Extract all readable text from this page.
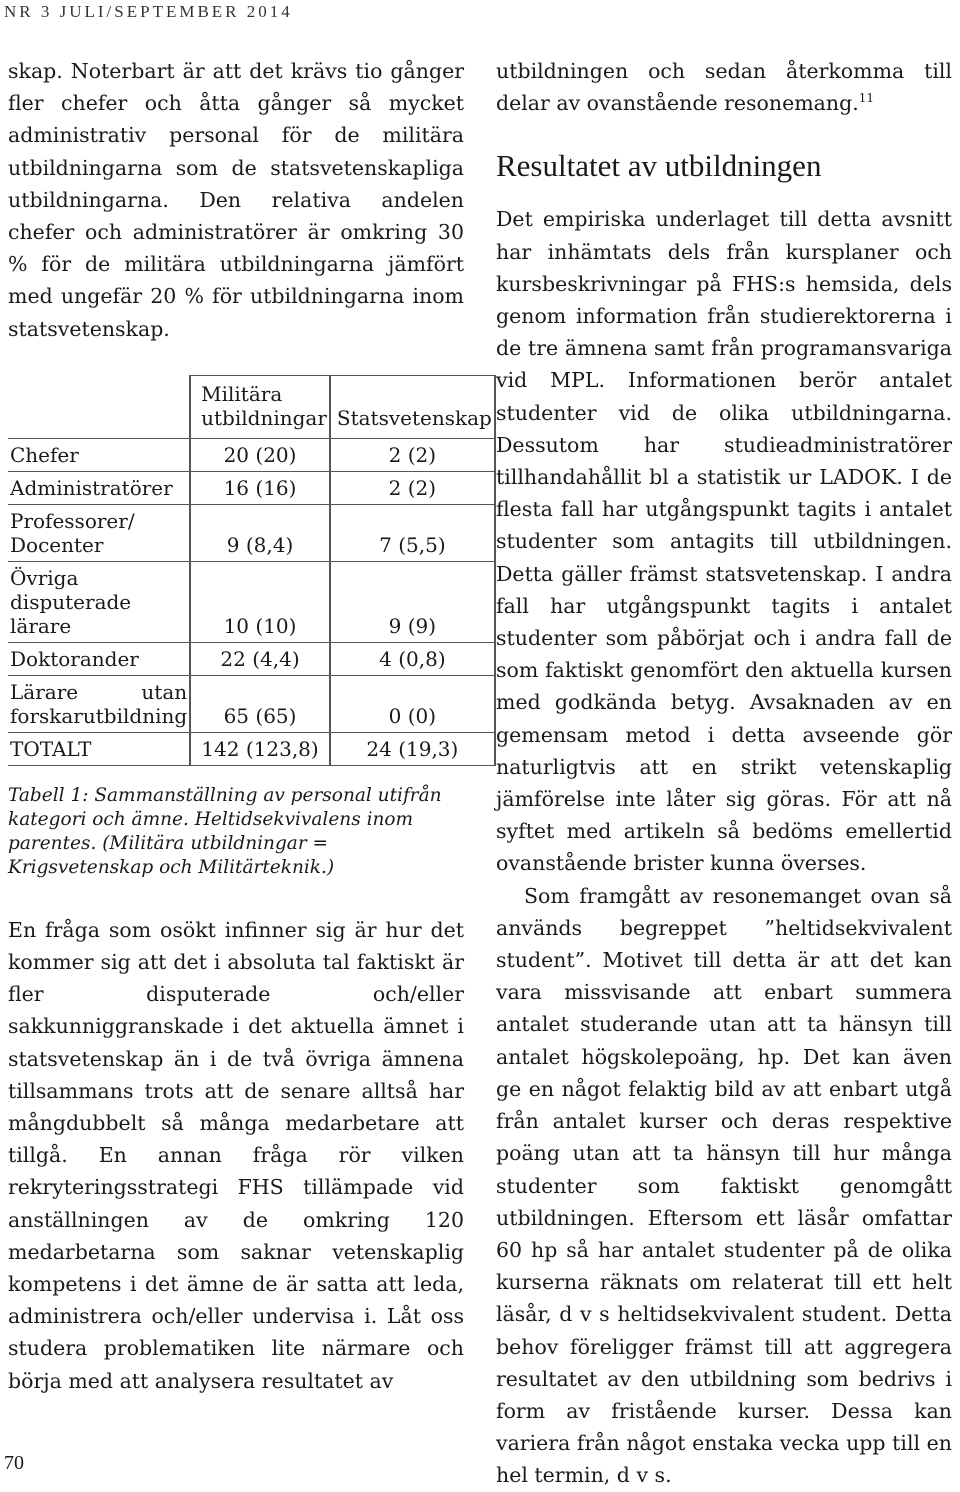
NR 3 JULI/SEPTEMBER 2014

skap. Noterbart är att det krävs tio gånger fler chefer och åtta gånger så mycket administrativ personal för de militära utbildningarna som de statsvetenskapliga utbildningarna. Den relativa andelen chefer och administratörer är omkring 30 % för de militära utbildningarna jämfört med ungefär 20 % för utbildningarna inom statsvetenskap.

	Militära utbildningar	Statsvetenskap
Chefer	20 (20)	2 (2)
Administratörer	16 (16)	2 (2)
Professorer/ Docenter	9 (8,4)	7 (5,5)
Övriga disputerade lärare	10 (10)	9 (9)
Doktorander	22 (4,4)	4 (0,8)
Lärare utan forskarutbildning	65 (65)	0 (0)
TOTALT	142 (123,8)	24 (19,3)
Tabell 1: Sammanställning av personal utifrån kategori och ämne. Heltidsekvivalens inom parentes. (Militära utbildningar = Krigsvetenskap och Militärteknik.)

En fråga som osökt infinner sig är hur det kommer sig att det i absoluta tal faktiskt är fler disputerade och/eller sakkunniggranskade i det aktuella ämnet i statsvetenskap än i de två övriga ämnena tillsammans trots att de senare alltså har mångdubbelt så många medarbetare att tillgå. En annan fråga rör vilken rekryteringsstrategi FHS tillämpade vid anställningen av de omkring 120 medarbetarna som saknar vetenskaplig kompetens i det ämne de är satta att leda, administrera och/eller undervisa i. Låt oss studera problematiken lite närmare och börja med att analysera resultatet av

utbildningen och sedan återkomma till delar av ovanstående resonemang.$^{11}$

Resultatet av utbildningen

Det empiriska underlaget till detta avsnitt har inhämtats dels från kursplaner och kursbeskrivningar på FHS:s hemsida, dels genom information från studierektorerna i de tre ämnena samt från programansvariga vid MPL. Informationen berör antalet studenter vid de olika utbildningarna. Dessutom har studieadministratörer tillhandahållit bl a statistik ur LADOK. I de flesta fall har utgångspunkt tagits i antalet studenter som antagits till utbildningen. Detta gäller främst statsvetenskap. I andra fall har utgångspunkt tagits i antalet studenter som påbörjat och i andra fall de som faktiskt genomfört den aktuella kursen med godkända betyg. Avsaknaden av en gemensam metod i detta avseende gör naturligtvis att en strikt vetenskaplig jämförelse inte låter sig göras. För att nå syftet med artikeln så bedöms emellertid ovanstående brister kunna överses.

Som framgått av resonemanget ovan så används begreppet ”heltidsekvivalent student”. Motivet till detta är att det kan vara missvisande att enbart summera antalet studerande utan att ta hänsyn till antalet högskolepoäng, hp. Det kan även ge en något felaktig bild av att enbart utgå från antalet kurser och deras respektive poäng utan att ta hänsyn till hur många studenter som faktiskt genomgått utbildningen. Eftersom ett läsår omfattar 60 hp så har antalet studenter på de olika kurserna räknats om relaterat till ett helt läsår, d v s heltidsekvivalent student. Detta behov föreligger främst till att aggregera resultatet av den utbildning som bedrivs i form av fristående kurser. Dessa kan variera från något enstaka vecka upp till en hel termin, d v s.

70
